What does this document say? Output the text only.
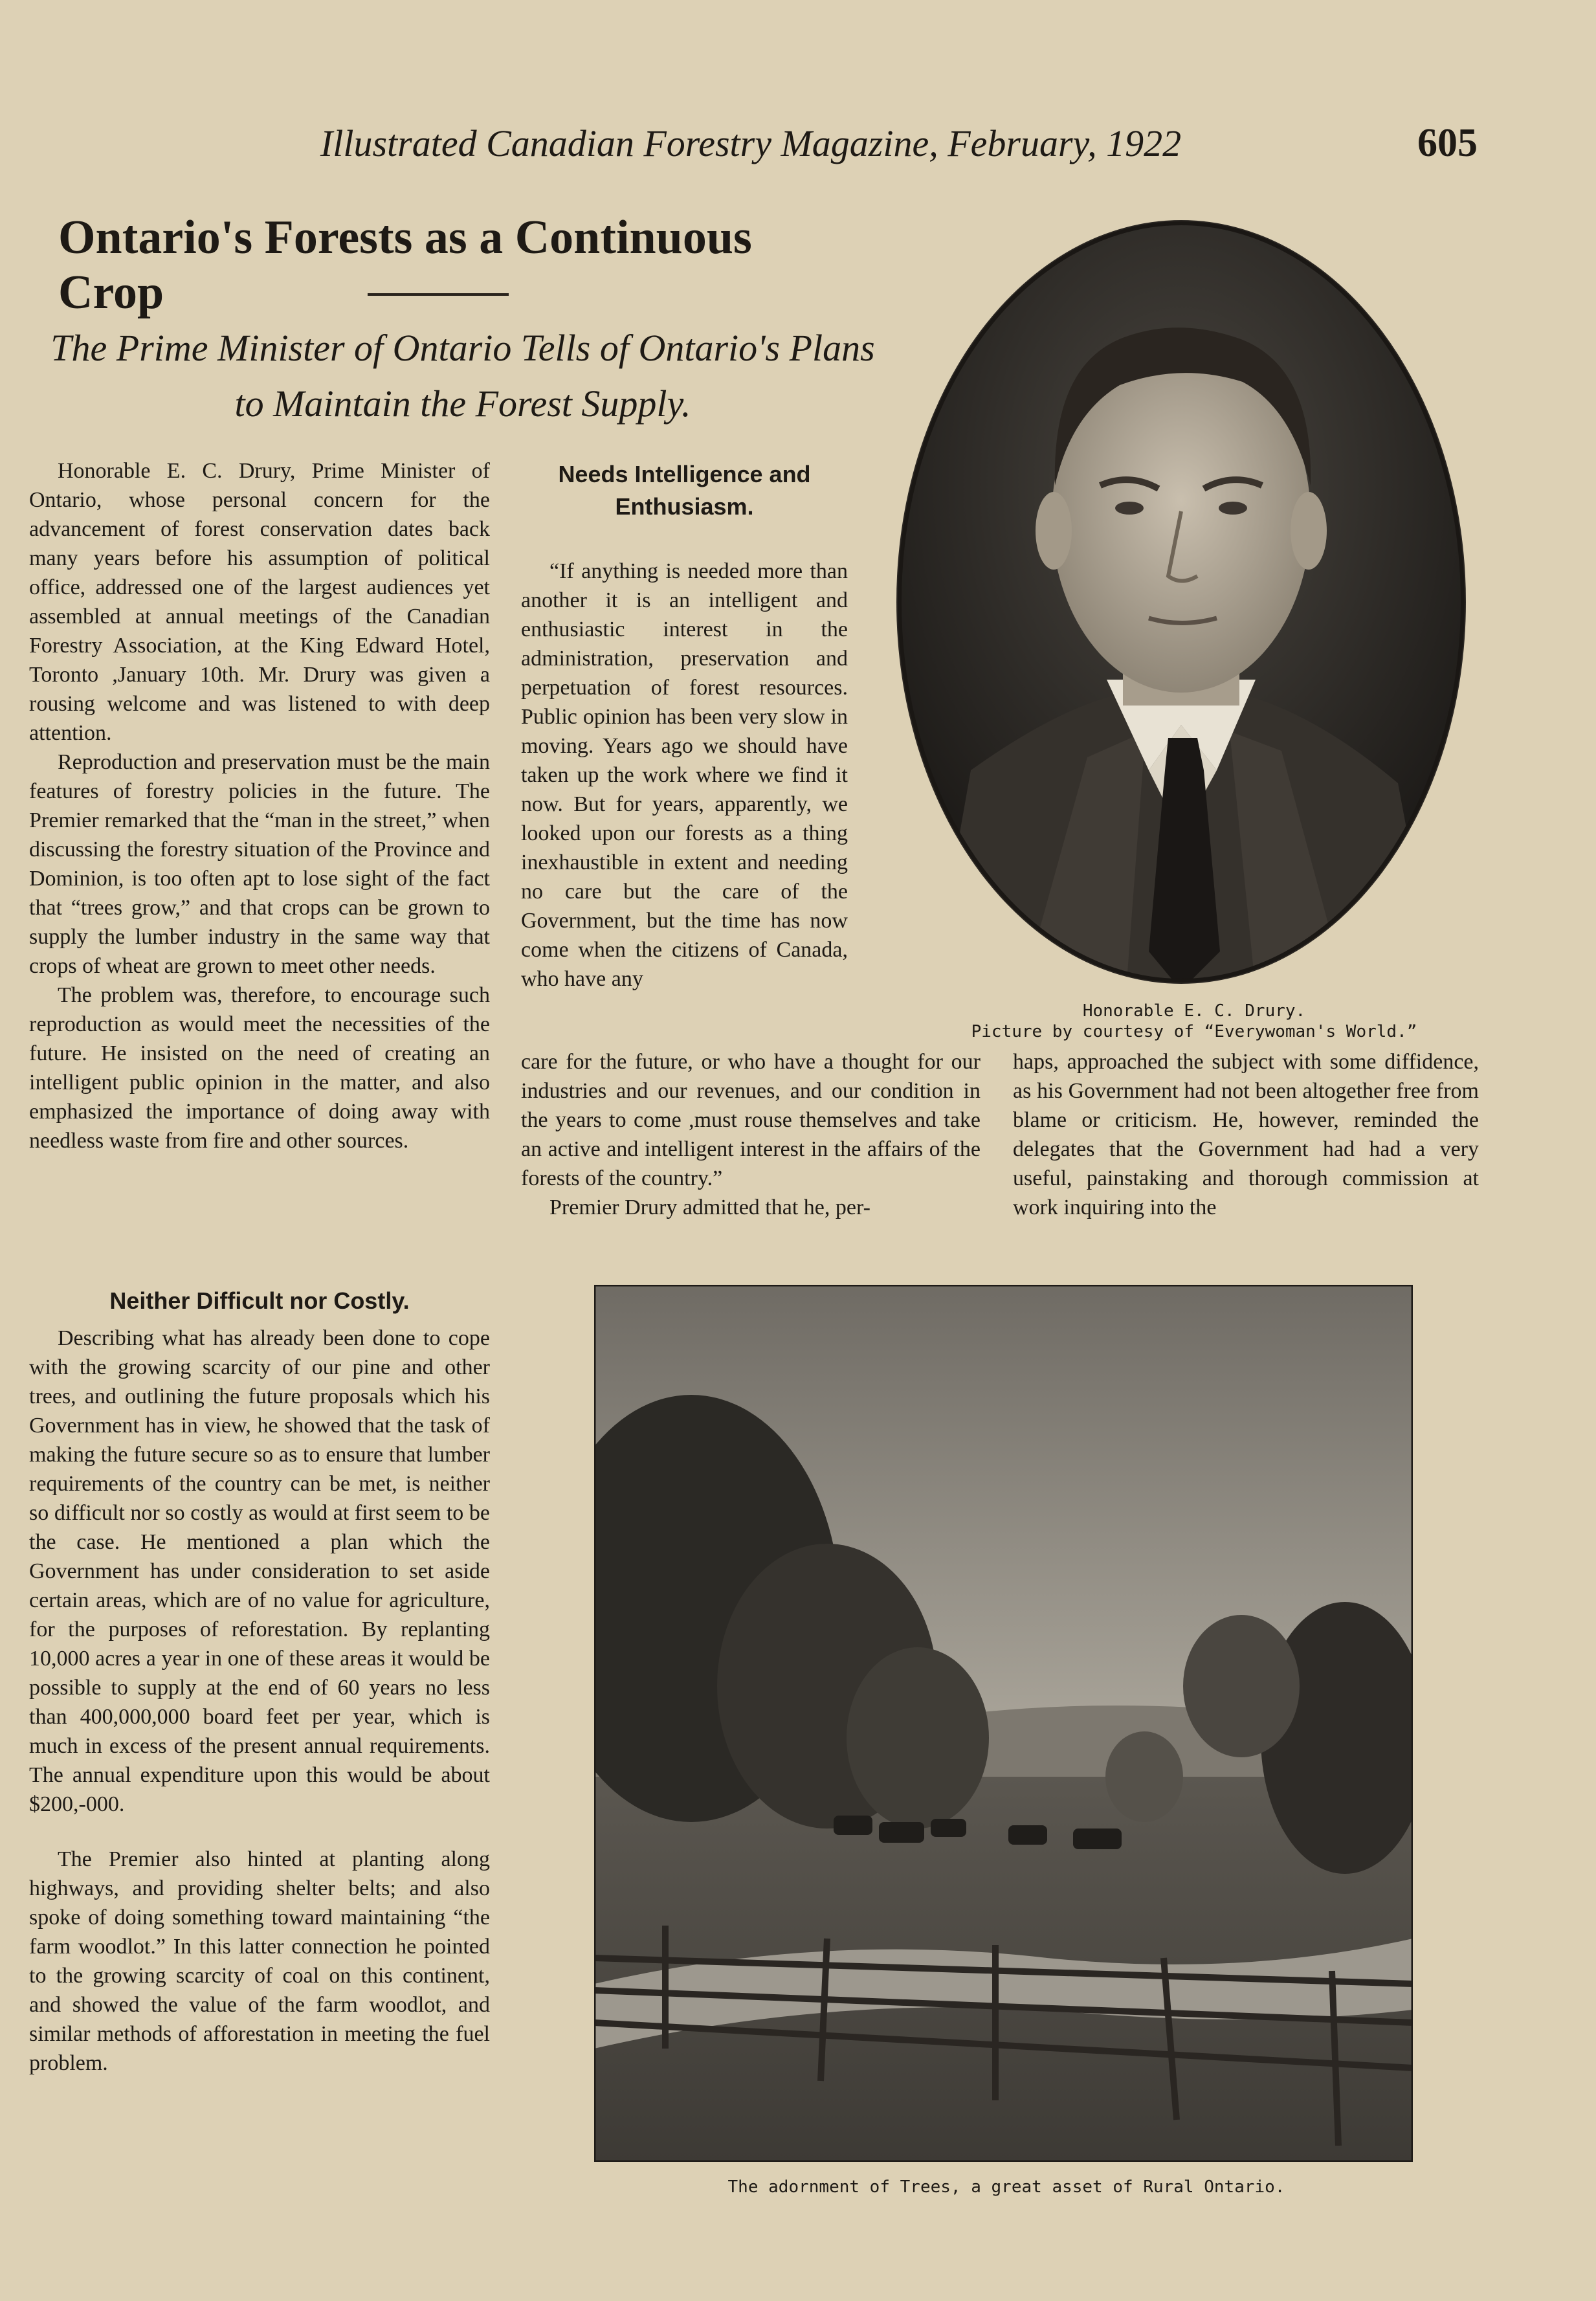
Illustrated Canadian Forestry Magazine, February, 1922	605
Ontario's Forests as a Continuous Crop
The Prime Minister of Ontario Tells of Ontario's Plans
to Maintain the Forest Supply.

Honorable E. C. Drury, Prime Minister of Ontario, whose personal concern for the advancement of forest conservation dates back many years before his assumption of political office, addressed one of the largest audiences yet assembled at annual meetings of the Canadian Forestry Association, at the King Edward Hotel, Toronto ,January 10th. Mr. Drury was given a rousing welcome and was listened to with deep attention.

Reproduction and preservation must be the main features of forestry policies in the future. The Premier remarked that the “man in the street,” when discussing the forestry situation of the Province and Dominion, is too often apt to lose sight of the fact that “trees grow,” and that crops can be grown to supply the lumber industry in the same way that crops of wheat are grown to meet other needs.

The problem was, therefore, to encourage such reproduction as would meet the necessities of the future. He insisted on the need of creating an intelligent public opinion in the matter, and also emphasized the importance of doing away with needless waste from fire and other sources.

Neither Difficult nor Costly.

Describing what has already been done to cope with the growing scarcity of our pine and other trees, and outlining the future proposals which his Government has in view, he showed that the task of making the future secure so as to ensure that lumber requirements of the country can be met, is neither so difficult nor so costly as would at first seem to be the case. He mentioned a plan which the Government has under consideration to set aside certain areas, which are of no value for agriculture, for the purposes of reforestation. By replanting 10,000 acres a year in one of these areas it would be possible to supply at the end of 60 years no less than 400,000,000 board feet per year, which is much in excess of the present annual requirements. The annual expenditure upon this would be about $200,-000.

The Premier also hinted at planting along highways, and providing shelter belts; and also spoke of doing something toward maintaining “the farm woodlot.” In this latter connection he pointed to the growing scarcity of coal on this continent, and showed the value of the farm woodlot, and similar methods of afforestation in meeting the fuel problem.

Needs Intelligence and Enthusiasm.

“If anything is needed more than another it is an intelligent and enthusiastic interest in the administration, preservation and perpetuation of forest resources. Public opinion has been very slow in moving. Years ago we should have taken up the work where we find it now. But for years, apparently, we looked upon our forests as a thing inexhaustible in extent and needing no care but the care of the Government, but the time has now come when the citizens of Canada, who have any

care for the future, or who have a thought for our industries and our revenues, and our condition in the years to come ,must rouse themselves and take an active and intelligent interest in the affairs of the forests of the country.”

Premier Drury admitted that he, per-

haps, approached the subject with some diffidence, as his Government had not been altogether free from blame or criticism. He, however, reminded the delegates that the Government had had a very useful, painstaking and thorough commission at work inquiring into the

Honorable E. C. Drury.
Picture by courtesy of “Everywoman's World.”
The adornment of Trees, a great asset of Rural Ontario.
